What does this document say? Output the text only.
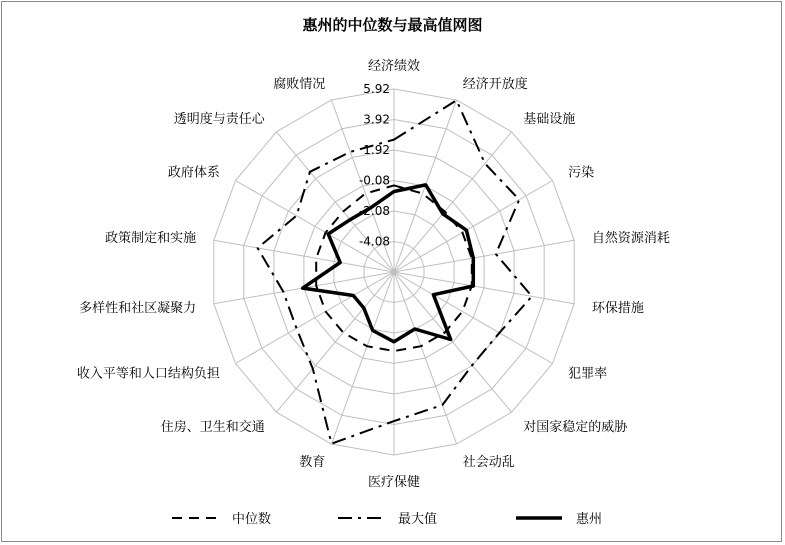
惠州的中位数与最高值网图
-4.08
-2.08
-0.08
1.92
3.92
5.92
经济绩效
经济开放度
基础设施
污染
自然资源消耗
环保措施
犯罪率
对国家稳定的威胁
社会动乱
医疗保健
教育
住房、卫生和交通
收入平等和人口结构负担
多样性和社区凝聚力
政策制定和实施
政府体系
透明度与责任心
腐败情况
中位数	最大值	惠州
